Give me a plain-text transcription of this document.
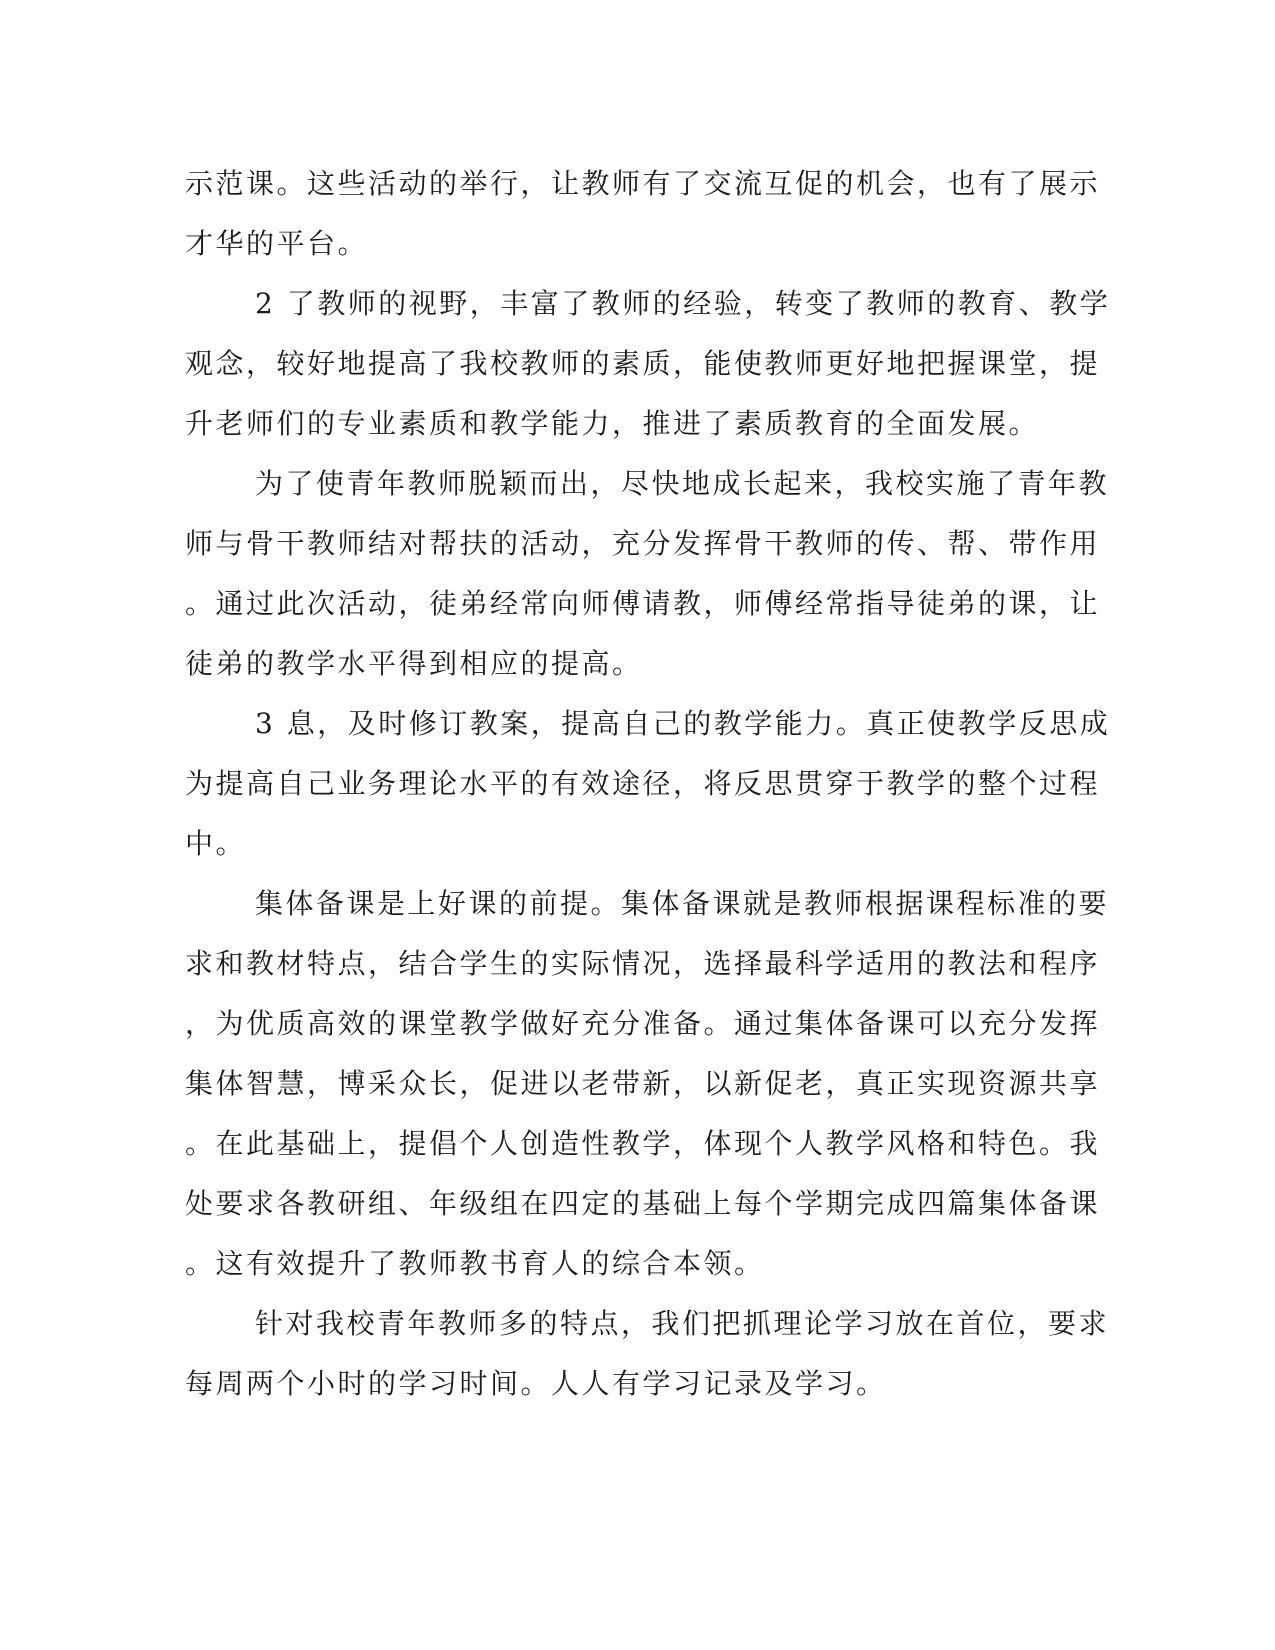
示范课。这些活动的举行，让教师有了交流互促的机会，也有了展示
才华的平台。
2 了教师的视野，丰富了教师的经验，转变了教师的教育、教学
观念，较好地提高了我校教师的素质，能使教师更好地把握课堂，提
升老师们的专业素质和教学能力，推进了素质教育的全面发展。
为了使青年教师脱颖而出，尽快地成长起来，我校实施了青年教
师与骨干教师结对帮扶的活动，充分发挥骨干教师的传、帮、带作用
。通过此次活动，徒弟经常向师傅请教，师傅经常指导徒弟的课，让
徒弟的教学水平得到相应的提高。
3 息，及时修订教案，提高自己的教学能力。真正使教学反思成
为提高自己业务理论水平的有效途径，将反思贯穿于教学的整个过程
中。
集体备课是上好课的前提。集体备课就是教师根据课程标准的要
求和教材特点，结合学生的实际情况，选择最科学适用的教法和程序
，为优质高效的课堂教学做好充分准备。通过集体备课可以充分发挥
集体智慧，博采众长，促进以老带新，以新促老，真正实现资源共享
。在此基础上，提倡个人创造性教学，体现个人教学风格和特色。我
处要求各教研组、年级组在四定的基础上每个学期完成四篇集体备课
。这有效提升了教师教书育人的综合本领。
针对我校青年教师多的特点，我们把抓理论学习放在首位，要求
每周两个小时的学习时间。人人有学习记录及学习。
